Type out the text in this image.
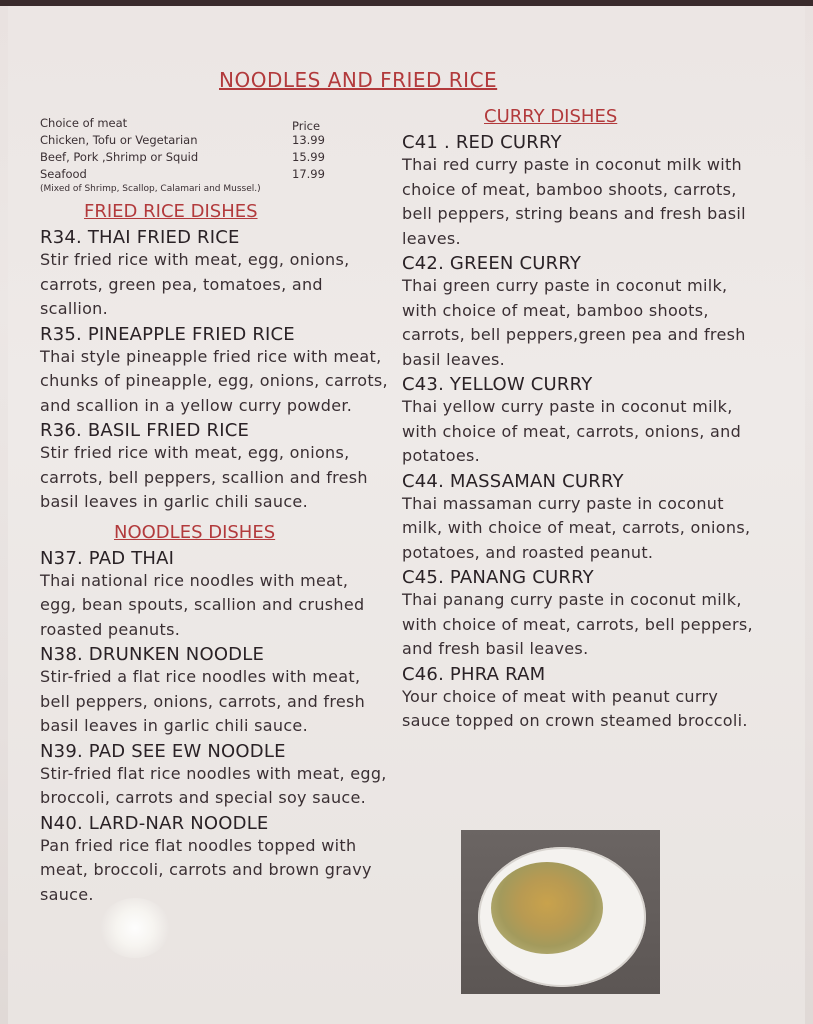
NOODLES AND FRIED RICE
Choice of meat	Price
Chicken, Tofu or Vegetarian	13.99
Beef, Pork ,Shrimp or Squid	15.99
Seafood	17.99
(Mixed of Shrimp, Scallop, Calamari and Mussel.)
FRIED RICE DISHES
R34. THAI FRIED RICE
Stir fried rice with meat, egg, onions, carrots, green pea, tomatoes, and scallion.
R35. PINEAPPLE FRIED RICE
Thai style pineapple fried rice with meat, chunks of pineapple, egg, onions, carrots, and scallion in a yellow curry powder.
R36. BASIL FRIED RICE
Stir fried rice with meat, egg, onions, carrots, bell peppers, scallion and fresh basil leaves in garlic chili sauce.
NOODLES DISHES
N37. PAD THAI
Thai national rice noodles with meat, egg, bean spouts, scallion and crushed roasted peanuts.
N38. DRUNKEN NOODLE
Stir-fried a flat rice noodles with meat, bell peppers, onions, carrots, and fresh basil leaves in garlic chili sauce.
N39. PAD SEE EW NOODLE
Stir-fried flat rice noodles with meat, egg, broccoli, carrots and special soy sauce.
N40. LARD-NAR NOODLE
Pan fried rice flat noodles topped with meat, broccoli, carrots and brown gravy sauce.
CURRY DISHES
C41 . RED CURRY
Thai red curry paste in coconut milk with choice of meat, bamboo shoots, carrots, bell peppers, string beans and fresh basil leaves.
C42. GREEN CURRY
Thai green curry paste in coconut milk, with choice of meat, bamboo shoots, carrots, bell peppers,green pea and fresh basil leaves.
C43. YELLOW CURRY
Thai yellow curry paste in coconut milk, with choice of meat, carrots, onions, and potatoes.
C44. MASSAMAN CURRY
Thai massaman curry paste in coconut milk, with choice of meat, carrots, onions, potatoes, and roasted peanut.
C45. PANANG CURRY
Thai panang curry paste in coconut milk, with choice of meat, carrots, bell peppers, and fresh basil leaves.
C46. PHRA RAM
Your choice of meat with peanut curry sauce topped on crown steamed broccoli.
